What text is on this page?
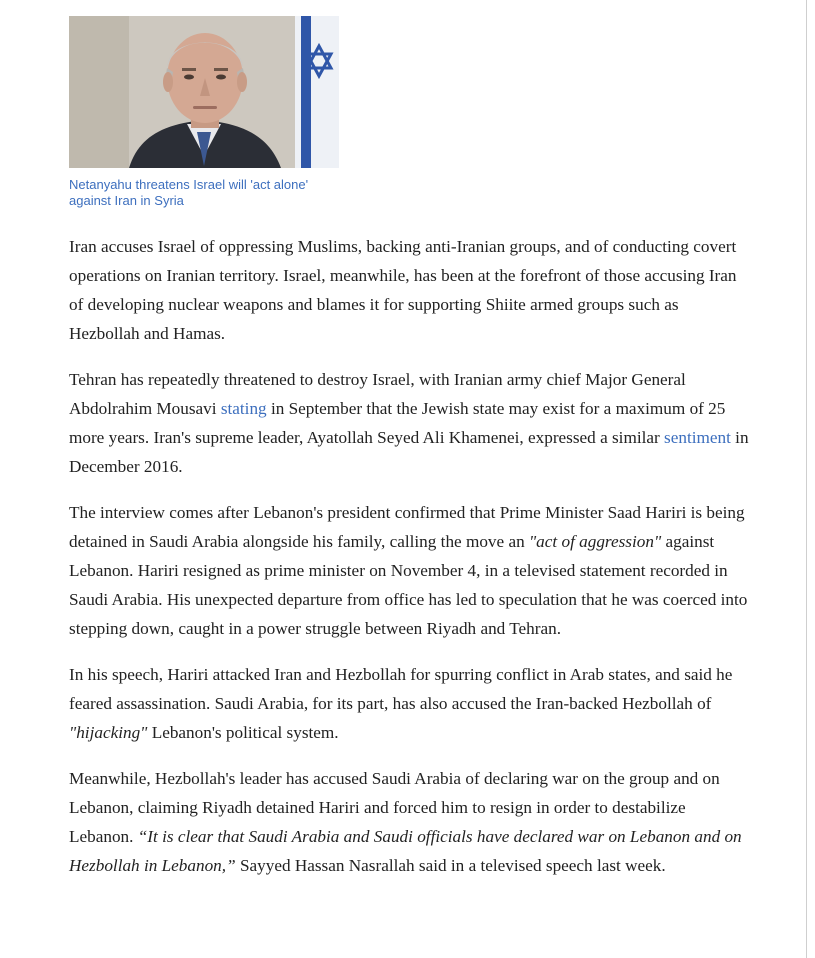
Netanyahu threatens Israel will 'act alone' against Iran in Syria

Iran accuses Israel of oppressing Muslims, backing anti-Iranian groups, and of conducting covert operations on Iranian territory. Israel, meanwhile, has been at the forefront of those accusing Iran of developing nuclear weapons and blames it for supporting Shiite armed groups such as Hezbollah and Hamas.

Tehran has repeatedly threatened to destroy Israel, with Iranian army chief Major General Abdolrahim Mousavi stating in September that the Jewish state may exist for a maximum of 25 more years. Iran's supreme leader, Ayatollah Seyed Ali Khamenei, expressed a similar sentiment in December 2016.

The interview comes after Lebanon's president confirmed that Prime Minister Saad Hariri is being detained in Saudi Arabia alongside his family, calling the move an "act of aggression" against Lebanon. Hariri resigned as prime minister on November 4, in a televised statement recorded in Saudi Arabia. His unexpected departure from office has led to speculation that he was coerced into stepping down, caught in a power struggle between Riyadh and Tehran.

In his speech, Hariri attacked Iran and Hezbollah for spurring conflict in Arab states, and said he feared assassination. Saudi Arabia, for its part, has also accused the Iran-backed Hezbollah of "hijacking" Lebanon's political system.

Meanwhile, Hezbollah's leader has accused Saudi Arabia of declaring war on the group and on Lebanon, claiming Riyadh detained Hariri and forced him to resign in order to destabilize Lebanon. “It is clear that Saudi Arabia and Saudi officials have declared war on Lebanon and on Hezbollah in Lebanon,” Sayyed Hassan Nasrallah said in a televised speech last week.
